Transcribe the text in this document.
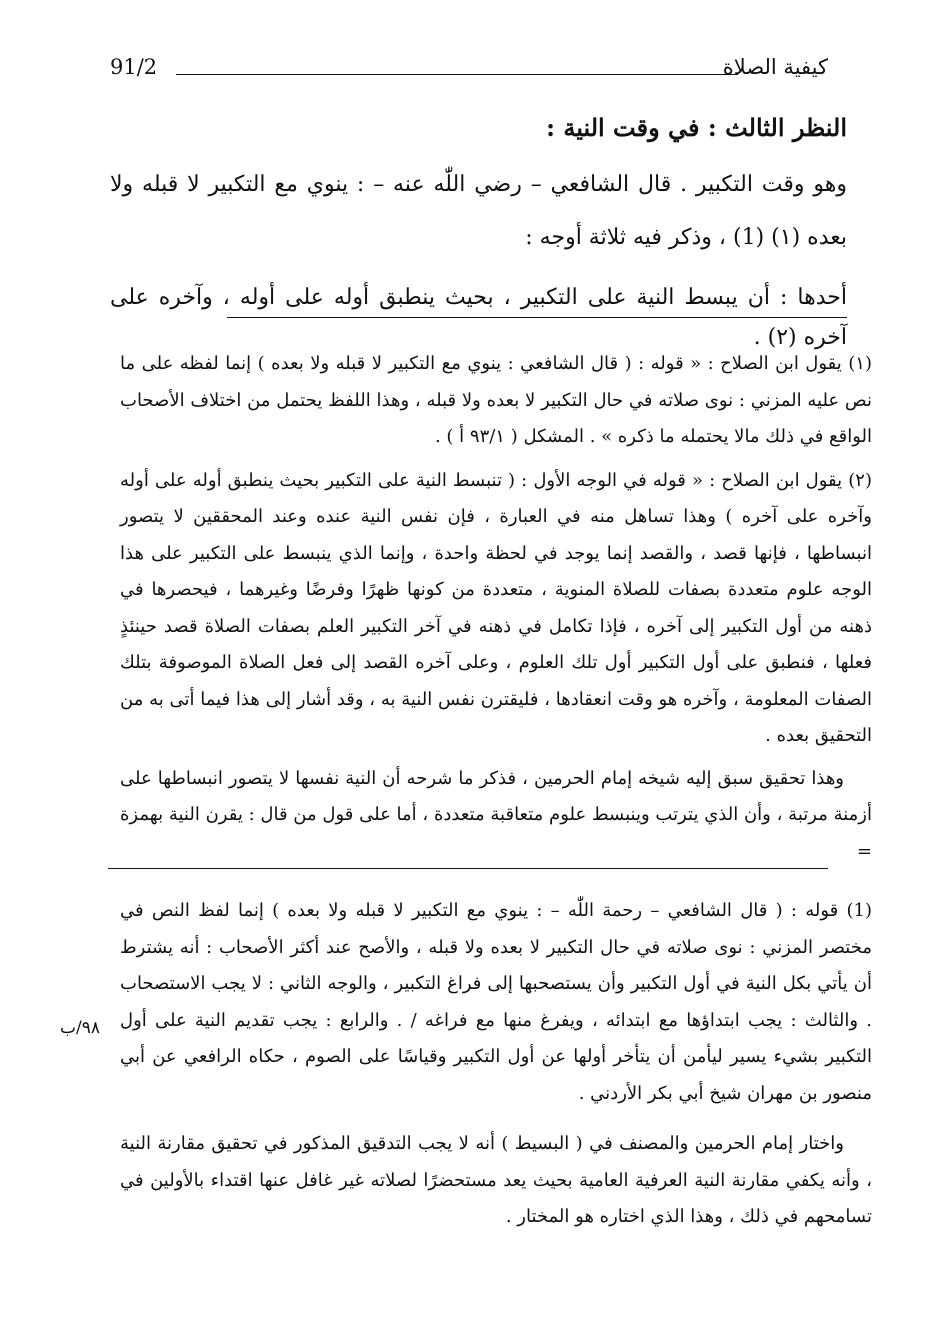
كيفية الصلاة
91/2
النظر الثالث : في وقت النية :

وهو وقت التكبير . قال الشافعي – رضي اللّٰه عنه – : ينوي مع التكبير لا قبله ولا بعده (١) (1) ، وذكر فيه ثلاثة أوجه :

أحدها : أن يبسط النية على التكبير ، بحيث ينطبق أوله على أوله ، وآخره على آخره (٢) .

(١) يقول ابن الصلاح : « قوله : ( قال الشافعي : ينوي مع التكبير لا قبله ولا بعده ) إنما لفظه على ما نص عليه المزني : نوى صلاته في حال التكبير لا بعده ولا قبله ، وهذا اللفظ يحتمل من اختلاف الأصحاب الواقع في ذلك مالا يحتمله ما ذكره » . المشكل ( ٩٣/١ أ ) .

(٢) يقول ابن الصلاح : « قوله في الوجه الأول : ( تنبسط النية على التكبير بحيث ينطبق أوله على أوله وآخره على آخره ) وهذا تساهل منه في العبارة ، فإن نفس النية عنده وعند المحققين لا يتصور انبساطها ، فإنها قصد ، والقصد إنما يوجد في لحظة واحدة ، وإنما الذي ينبسط على التكبير على هذا الوجه علوم متعددة بصفات للصلاة المنوية ، متعددة من كونها ظهرًا وفرضًا وغيرهما ، فيحصرها في ذهنه من أول التكبير إلى آخره ، فإذا تكامل في ذهنه في آخر التكبير العلم بصفات الصلاة قصد حينئذٍ فعلها ، فنطبق على أول التكبير أول تلك العلوم ، وعلى آخره القصد إلى فعل الصلاة الموصوفة بتلك الصفات المعلومة ، وآخره هو وقت انعقادها ، فليقترن نفس النية به ، وقد أشار إلى هذا فيما أتى به من التحقيق بعده .

وهذا تحقيق سبق إليه شيخه إمام الحرمين ، فذكر ما شرحه أن النية نفسها لا يتصور انبساطها على أزمنة مرتبة ، وأن الذي يترتب وينبسط علوم متعاقبة متعددة ، أما على قول من قال : يقرن النية بهمزة =

(1) قوله : ( قال الشافعي – رحمة اللّٰه – : ينوي مع التكبير لا قبله ولا بعده ) إنما لفظ النص في مختصر المزني : نوى صلاته في حال التكبير لا بعده ولا قبله ، والأصح عند أكثر الأصحاب : أنه يشترط أن يأتي بكل النية في أول التكبير وأن يستصحبها إلى فراغ التكبير ، والوجه الثاني : لا يجب الاستصحاب . والثالث : يجب ابتداؤها مع ابتدائه ، ويفرغ منها مع فراغه / . والرابع : يجب تقديم النية على أول التكبير بشيء يسير ليأمن أن يتأخر أولها عن أول التكبير وقياسًا على الصوم ، حكاه الرافعي عن أبي منصور بن مهران شيخ أبي بكر الأردني .

واختار إمام الحرمين والمصنف في ( البسيط ) أنه لا يجب التدقيق المذكور في تحقيق مقارنة النية ، وأنه يكفي مقارنة النية العرفية العامية بحيث يعد مستحضرًا لصلاته غير غافل عنها اقتداء بالأولين في تسامحهم في ذلك ، وهذا الذي اختاره هو المختار .

٩٨/ب
